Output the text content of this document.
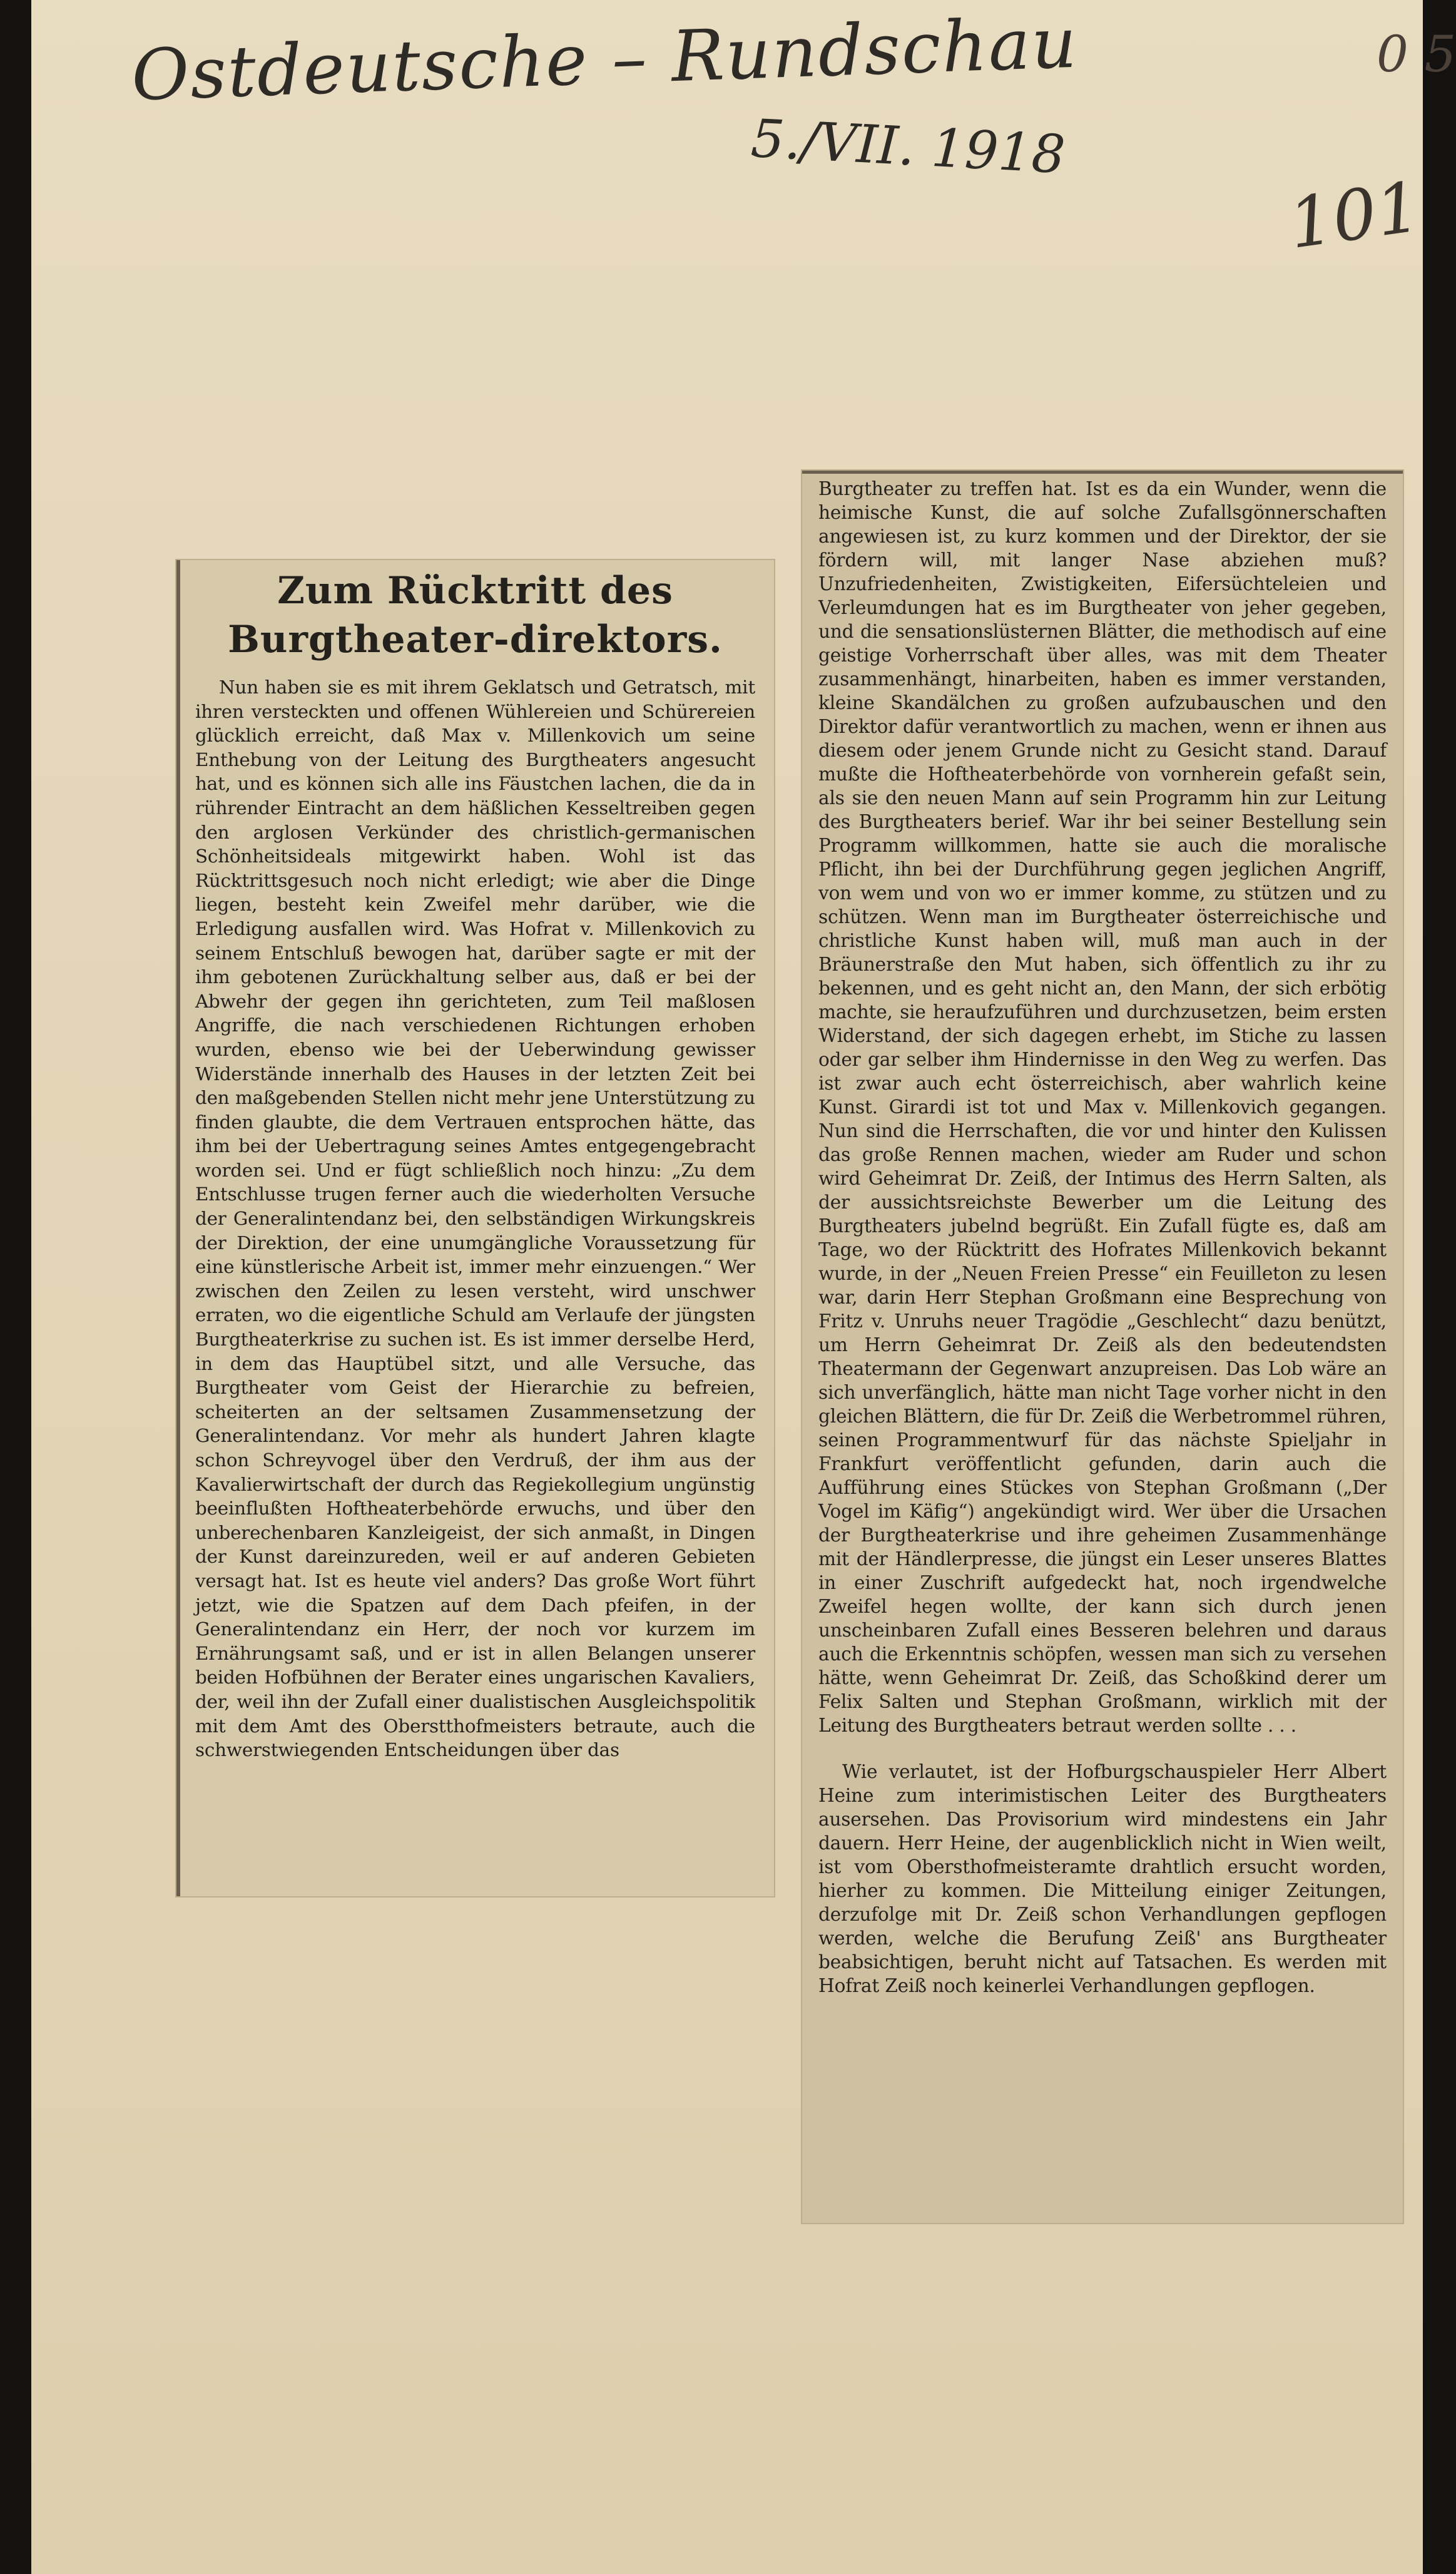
Ostdeutsche – Rundschau
5./VII. 1918
101
0 5
Zum Rücktritt des Burgtheater-direktors.

Nun haben sie es mit ihrem Geklatsch und Getratsch, mit ihren versteckten und offenen Wühlereien und Schürereien glücklich erreicht, daß Max v. Millenkovich um seine Enthebung von der Leitung des Burgtheaters angesucht hat, und es können sich alle ins Fäustchen lachen, die da in rührender Eintracht an dem häßlichen Kesseltreiben gegen den arglosen Verkünder des christlich-germanischen Schönheitsideals mitgewirkt haben. Wohl ist das Rücktrittsgesuch noch nicht erledigt; wie aber die Dinge liegen, besteht kein Zweifel mehr darüber, wie die Erledigung ausfallen wird. Was Hofrat v. Millenkovich zu seinem Entschluß bewogen hat, darüber sagte er mit der ihm gebotenen Zurückhaltung selber aus, daß er bei der Abwehr der gegen ihn gerichteten, zum Teil maßlosen Angriffe, die nach verschiedenen Richtungen erhoben wurden, ebenso wie bei der Ueberwindung gewisser Widerstände innerhalb des Hauses in der letzten Zeit bei den maßgebenden Stellen nicht mehr jene Unterstützung zu finden glaubte, die dem Vertrauen entsprochen hätte, das ihm bei der Uebertragung seines Amtes entgegengebracht worden sei. Und er fügt schließlich noch hinzu: „Zu dem Entschlusse trugen ferner auch die wiederholten Versuche der Generalintendanz bei, den selbständigen Wirkungskreis der Direktion, der eine unumgängliche Voraussetzung für eine künstlerische Arbeit ist, immer mehr einzuengen.“ Wer zwischen den Zeilen zu lesen versteht, wird unschwer erraten, wo die eigentliche Schuld am Verlaufe der jüngsten Burgtheaterkrise zu suchen ist. Es ist immer derselbe Herd, in dem das Hauptübel sitzt, und alle Versuche, das Burgtheater vom Geist der Hierarchie zu befreien, scheiterten an der seltsamen Zusammensetzung der Generalintendanz. Vor mehr als hundert Jahren klagte schon Schreyvogel über den Verdruß, der ihm aus der Kavalierwirtschaft der durch das Regiekollegium ungünstig beeinflußten Hoftheaterbehörde erwuchs, und über den unberechenbaren Kanzleigeist, der sich anmaßt, in Dingen der Kunst dareinzureden, weil er auf anderen Gebieten versagt hat. Ist es heute viel anders? Das große Wort führt jetzt, wie die Spatzen auf dem Dach pfeifen, in der Generalintendanz ein Herr, der noch vor kurzem im Ernährungsamt saß, und er ist in allen Belangen unserer beiden Hofbühnen der Berater eines ungarischen Kavaliers, der, weil ihn der Zufall einer dualistischen Ausgleichspolitik mit dem Amt des Oberstthofmeisters betraute, auch die schwerstwiegenden Entscheidungen über das

Burgtheater zu treffen hat. Ist es da ein Wunder, wenn die heimische Kunst, die auf solche Zufallsgönnerschaften angewiesen ist, zu kurz kommen und der Direktor, der sie fördern will, mit langer Nase abziehen muß? Unzufriedenheiten, Zwistigkeiten, Eifersüchteleien und Verleumdungen hat es im Burgtheater von jeher gegeben, und die sensationslüsternen Blätter, die methodisch auf eine geistige Vorherrschaft über alles, was mit dem Theater zusammenhängt, hinarbeiten, haben es immer verstanden, kleine Skandälchen zu großen aufzubauschen und den Direktor dafür verantwortlich zu machen, wenn er ihnen aus diesem oder jenem Grunde nicht zu Gesicht stand. Darauf mußte die Hoftheaterbehörde von vornherein gefaßt sein, als sie den neuen Mann auf sein Programm hin zur Leitung des Burgtheaters berief. War ihr bei seiner Bestellung sein Programm willkommen, hatte sie auch die moralische Pflicht, ihn bei der Durchführung gegen jeglichen Angriff, von wem und von wo er immer komme, zu stützen und zu schützen. Wenn man im Burgtheater österreichische und christliche Kunst haben will, muß man auch in der Bräunerstraße den Mut haben, sich öffentlich zu ihr zu bekennen, und es geht nicht an, den Mann, der sich erbötig machte, sie heraufzuführen und durchzusetzen, beim ersten Widerstand, der sich dagegen erhebt, im Stiche zu lassen oder gar selber ihm Hindernisse in den Weg zu werfen. Das ist zwar auch echt österreichisch, aber wahrlich keine Kunst. Girardi ist tot und Max v. Millenkovich gegangen. Nun sind die Herrschaften, die vor und hinter den Kulissen das große Rennen machen, wieder am Ruder und schon wird Geheimrat Dr. Zeiß, der Intimus des Herrn Salten, als der aussichtsreichste Bewerber um die Leitung des Burgtheaters jubelnd begrüßt. Ein Zufall fügte es, daß am Tage, wo der Rücktritt des Hofrates Millenkovich bekannt wurde, in der „Neuen Freien Presse“ ein Feuilleton zu lesen war, darin Herr Stephan Großmann eine Besprechung von Fritz v. Unruhs neuer Tragödie „Geschlecht“ dazu benützt, um Herrn Geheimrat Dr. Zeiß als den bedeutendsten Theatermann der Gegenwart anzupreisen. Das Lob wäre an sich unverfänglich, hätte man nicht Tage vorher nicht in den gleichen Blättern, die für Dr. Zeiß die Werbetrommel rühren, seinen Programmentwurf für das nächste Spieljahr in Frankfurt veröffentlicht gefunden, darin auch die Aufführung eines Stückes von Stephan Großmann („Der Vogel im Käfig“) angekündigt wird. Wer über die Ursachen der Burgtheaterkrise und ihre geheimen Zusammenhänge mit der Händlerpresse, die jüngst ein Leser unseres Blattes in einer Zuschrift aufgedeckt hat, noch irgendwelche Zweifel hegen wollte, der kann sich durch jenen unscheinbaren Zufall eines Besseren belehren und daraus auch die Erkenntnis schöpfen, wessen man sich zu versehen hätte, wenn Geheimrat Dr. Zeiß, das Schoßkind derer um Felix Salten und Stephan Großmann, wirklich mit der Leitung des Burgtheaters betraut werden sollte . . .

Wie verlautet, ist der Hofburgschauspieler Herr Albert Heine zum interimistischen Leiter des Burgtheaters ausersehen. Das Provisorium wird mindestens ein Jahr dauern. Herr Heine, der augenblicklich nicht in Wien weilt, ist vom Obersthofmeisteramte drahtlich ersucht worden, hierher zu kommen. Die Mitteilung einiger Zeitungen, derzufolge mit Dr. Zeiß schon Verhandlungen gepflogen werden, welche die Berufung Zeiß' ans Burgtheater beabsichtigen, beruht nicht auf Tatsachen. Es werden mit Hofrat Zeiß noch keinerlei Verhandlungen gepflogen.
